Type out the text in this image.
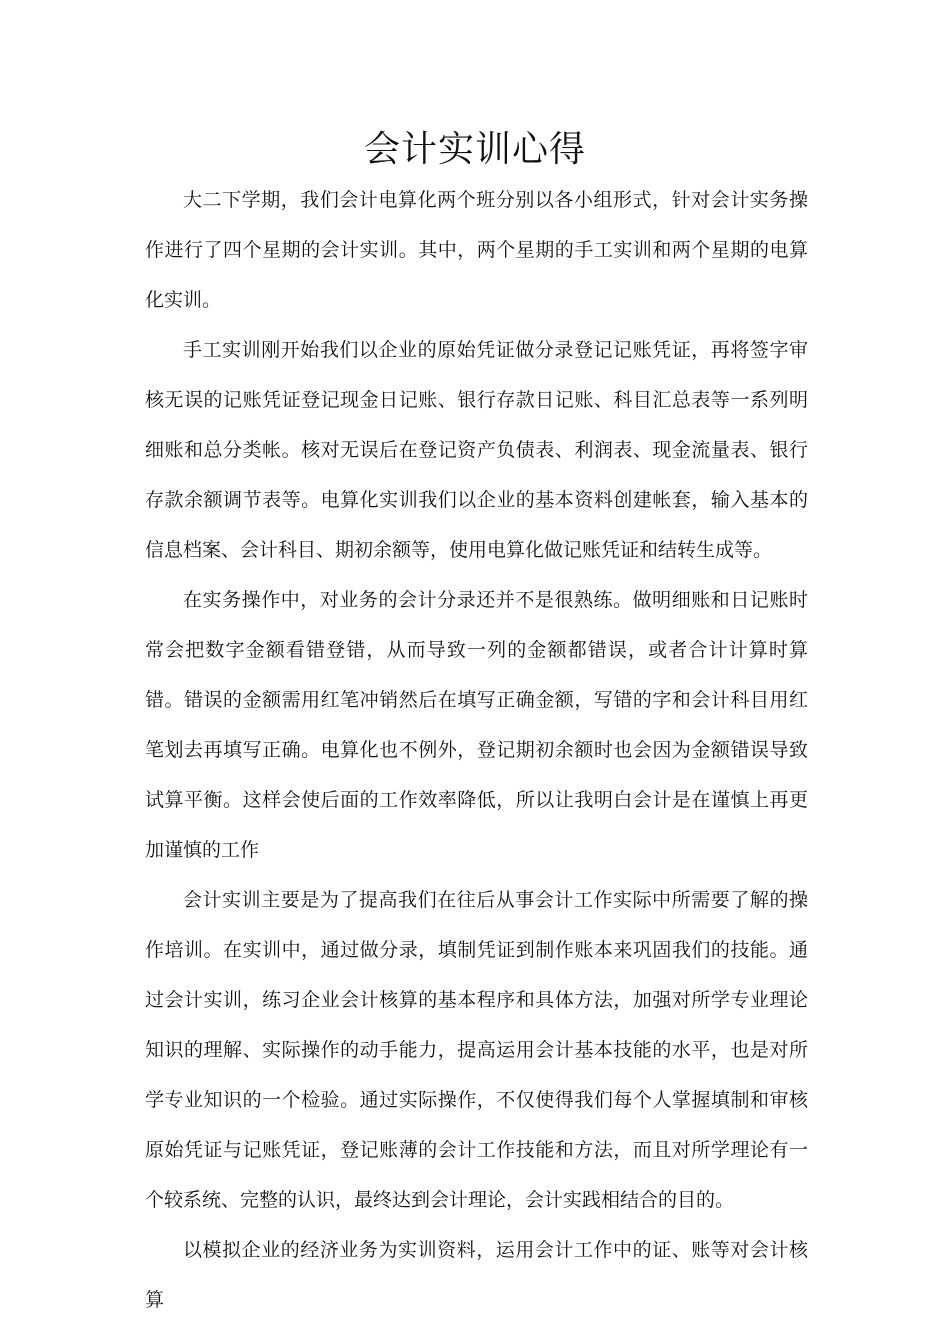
会计实训心得

大二下学期，我们会计电算化两个班分别以各小组形式，针对会计实务操作进行了四个星期的会计实训。其中，两个星期的手工实训和两个星期的电算化实训。

手工实训刚开始我们以企业的原始凭证做分录登记记账凭证，再将签字审核无误的记账凭证登记现金日记账、银行存款日记账、科目汇总表等一系列明细账和总分类帐。核对无误后在登记资产负债表、利润表、现金流量表、银行存款余额调节表等。电算化实训我们以企业的基本资料创建帐套，输入基本的信息档案、会计科目、期初余额等，使用电算化做记账凭证和结转生成等。

在实务操作中，对业务的会计分录还并不是很熟练。做明细账和日记账时常会把数字金额看错登错，从而导致一列的金额都错误，或者合计计算时算错。错误的金额需用红笔冲销然后在填写正确金额，写错的字和会计科目用红笔划去再填写正确。电算化也不例外，登记期初余额时也会因为金额错误导致试算平衡。这样会使后面的工作效率降低，所以让我明白会计是在谨慎上再更加谨慎的工作

会计实训主要是为了提高我们在往后从事会计工作实际中所需要了解的操作培训。在实训中，通过做分录，填制凭证到制作账本来巩固我们的技能。通过会计实训，练习企业会计核算的基本程序和具体方法，加强对所学专业理论知识的理解、实际操作的动手能力，提高运用会计基本技能的水平，也是对所学专业知识的一个检验。通过实际操作，不仅使得我们每个人掌握填制和审核原始凭证与记账凭证，登记账薄的会计工作技能和方法，而且对所学理论有一个较系统、完整的认识，最终达到会计理论，会计实践相结合的目的。

以模拟企业的经济业务为实训资料，运用会计工作中的证、账等对会计核算
